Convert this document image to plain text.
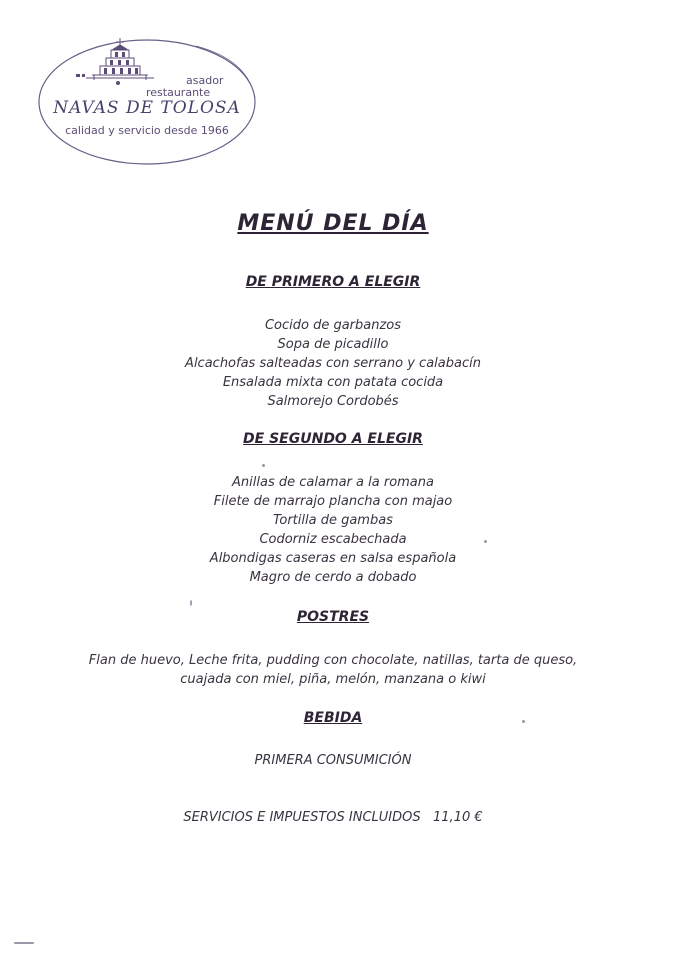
asador
restaurante
NAVAS DE TOLOSA
calidad y servicio desde 1966
MENÚ DEL DÍA
DE PRIMERO A ELEGIR
Cocido de garbanzos
Sopa de picadillo
Alcachofas salteadas con serrano y calabacín
Ensalada mixta con patata cocida
Salmorejo Cordobés
DE SEGUNDO A ELEGIR
Anillas de calamar a la romana
Filete de marrajo plancha con majao
Tortilla de gambas
Codorniz escabechada
Albondigas caseras en salsa española
Magro de cerdo a dobado
POSTRES
Flan de huevo, Leche frita, pudding con chocolate, natillas, tarta de queso,
cuajada con miel, piña, melón, manzana o kiwi
BEBIDA
PRIMERA CONSUMICIÓN
SERVICIOS E IMPUESTOS INCLUIDOS 11,10 €
